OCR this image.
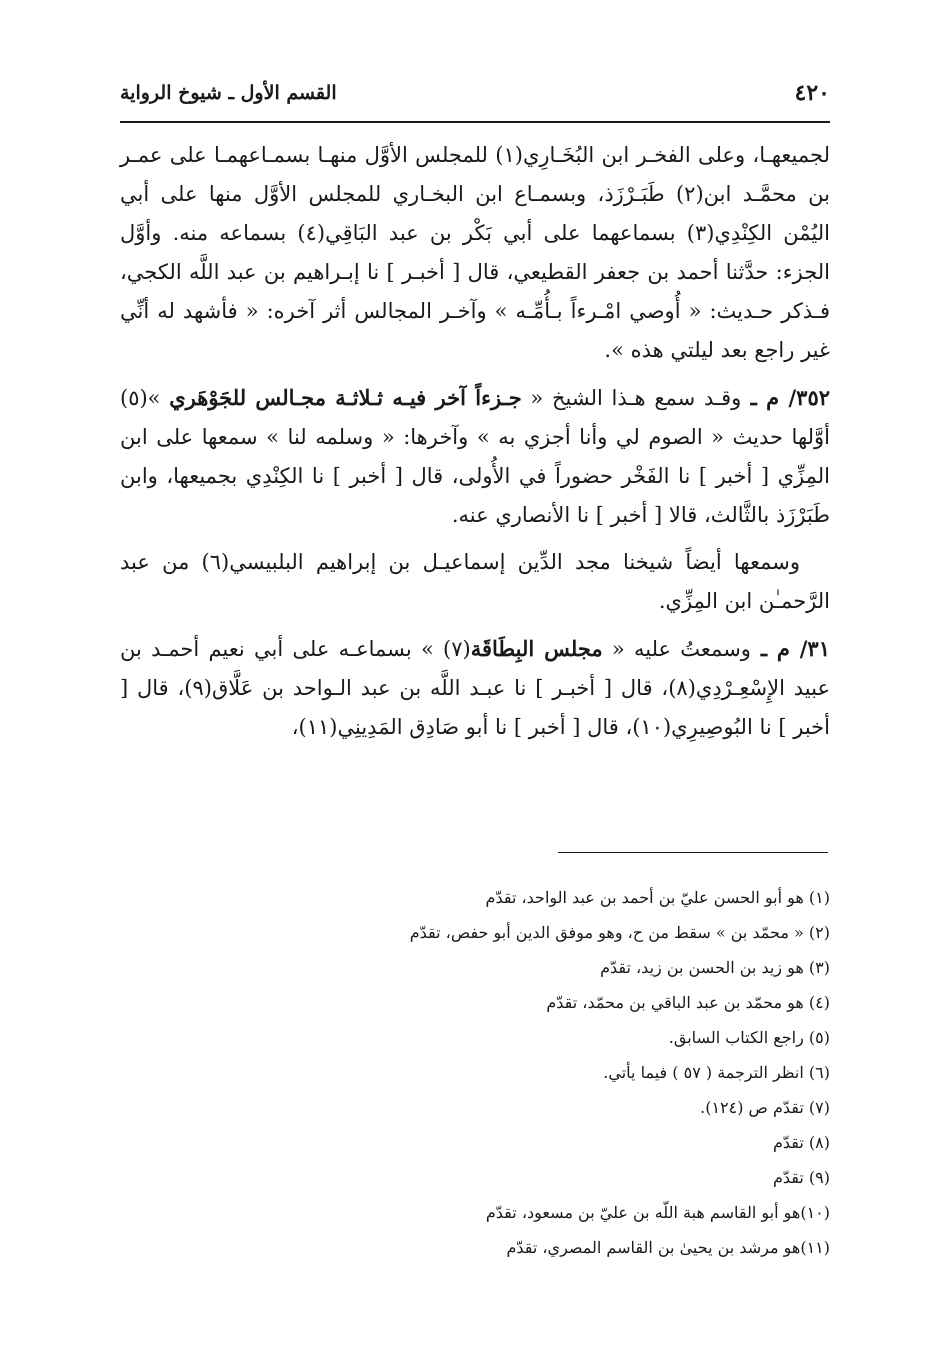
٤٢٠
القسم الأول ـ شيوخ الرواية

لجميعهـا، وعلى الفخـر ابن البُخَـارِي(١) للمجلس الأوَّل منهـا بسمـاعهمـا على عمـر بن محمَّـد ابن(٢) طَبَـرْزَذ، وبسمـاع ابن البخـاري للمجلس الأوَّل منها على أبي اليُمْن الكِنْدِي(٣) بسماعهما على أبي بَكْر بن عبد البَاقِي(٤) بسماعه منه. وأوَّل الجزء: حدَّثنا أحمد بن جعفر القطيعي، قال [ أخبـر ] نا إبـراهيم بن عبد اللَّه الكجي، فـذكر حـديث: « أُوصي امْـرءاً بـأُمِّـه » وآخـر المجالس أثر آخره: « فأشهد له أنِّي غير راجع بعد ليلتي هذه ».

٣٥٢/ م ـ وقـد سمع هـذا الشيخ « جـزءاً آخر فيـه ثـلاثـة مجـالس للجَوْهَري »(٥) أوَّلها حديث « الصوم لي وأنا أجزي به » وآخرها: « وسلمه لنا » سمعها على ابن المِزِّي [ أخبر ] نا الفَخْر حضوراً في الأُولى، قال [ أخبر ] نا الكِنْدِي بجميعها، وابن طَبَرْزَذ بالثَّالث، قالا [ أخبر ] نا الأنصاري عنه.

وسمعها أيضاً شيخنا مجد الدِّين إسماعيـل بن إبراهيم البلبيسي(٦) من عبد الرَّحمـٰن ابن المِزِّي.

٣١/ م ـ وسمعتُ عليه « مجلس البِطَاقَة(٧) » بسماعـه على أبي نعيم أحمـد بن عبيد الإِسْعِـرْدِي(٨)، قال [ أخبـر ] نا عبـد اللَّه بن عبد الـواحد بن عَلَّاق(٩)، قال [ أخبر ] نا البُوصِيرِي(١٠)، قال [ أخبر ] نا أبو صَادِق المَدِينِي(١١)،

(١) هو أبو الحسن عليّ بن أحمد بن عبد الواحد، تقدّم
(٢) « محمّد بن » سقط من ح، وهو موفق الدين أبو حفص، تقدّم
(٣) هو زيد بن الحسن بن زيد، تقدّم
(٤) هو محمّد بن عبد الباقي بن محمّد، تقدّم
(٥) راجع الكتاب السابق.
(٦) انظر الترجمة ( ٥٧ ) فيما يأتي.
(٧) تقدّم ص (١٢٤).
(٨) تقدّم
(٩) تقدّم
(١٠)هو أبو القاسم هبة اللّه بن عليّ بن مسعود، تقدّم
(١١)هو مرشد بن يحيىٰ بن القاسم المصري، تقدّم
